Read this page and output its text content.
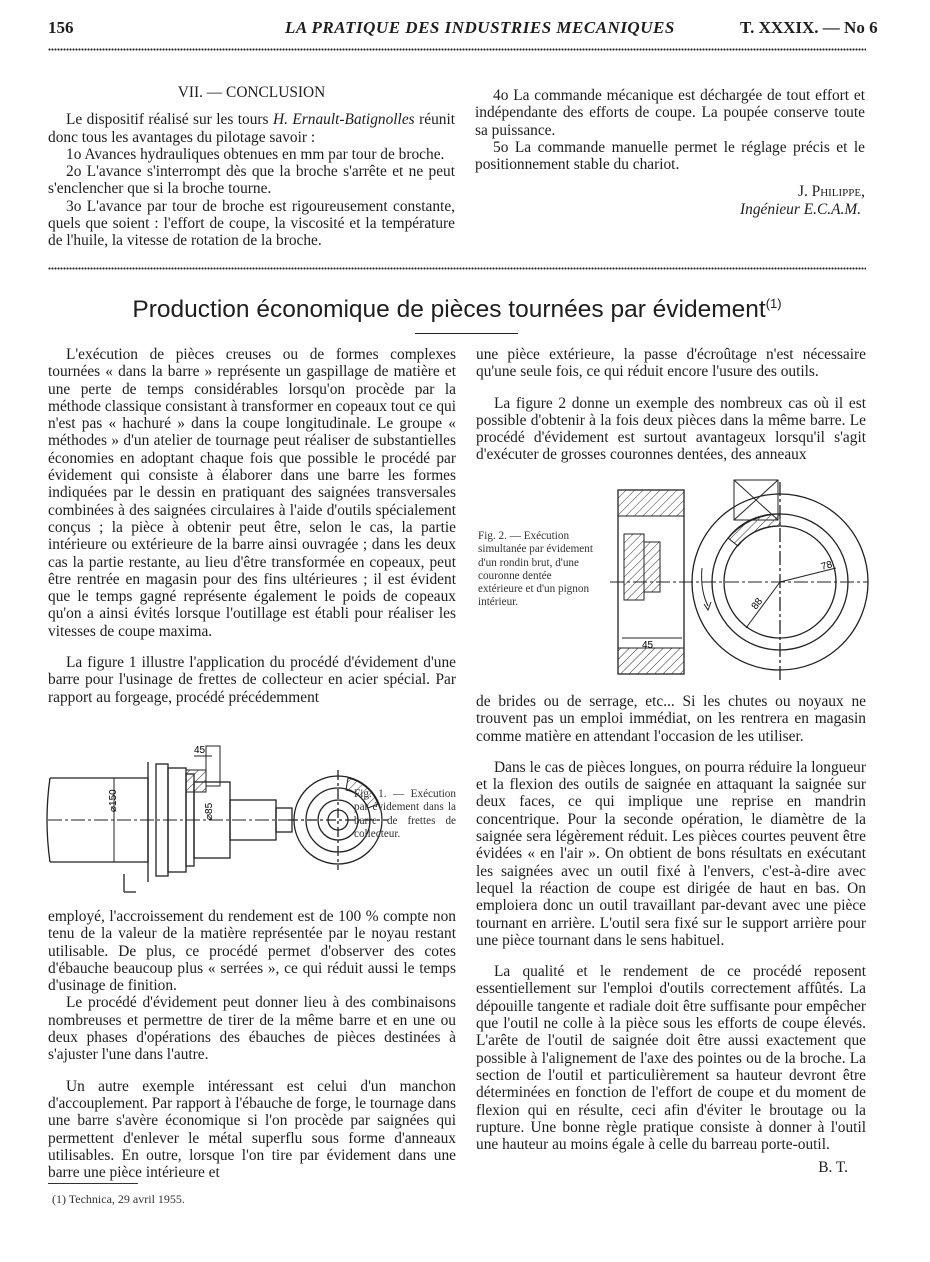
156	LA PRATIQUE DES INDUSTRIES MECANIQUES	T. XXXIX. — No 6

VII. — CONCLUSION

Le dispositif réalisé sur les tours H. Ernault-Batignolles réunit donc tous les avantages du pilotage savoir :

1o Avances hydrauliques obtenues en mm par tour de broche.

2o L'avance s'interrompt dès que la broche s'arrête et ne peut s'enclencher que si la broche tourne.

3o L'avance par tour de broche est rigoureusement constante, quels que soient : l'effort de coupe, la viscosité et la température de l'huile, la vitesse de rotation de la broche.

4o La commande mécanique est déchargée de tout effort et indépendante des efforts de coupe. La poupée conserve toute sa puissance.

5o La commande manuelle permet le réglage précis et le positionnement stable du chariot.

J. Philippe,

Ingénieur E.C.A.M.

Production économique de pièces tournées par évidement$^{(1)}$

L'exécution de pièces creuses ou de formes complexes tournées « dans la barre » représente un gaspillage de matière et une perte de temps considérables lorsqu'on procède par la méthode classique consistant à transformer en copeaux tout ce qui n'est pas « hachuré » dans la coupe longitudinale. Le groupe « méthodes » d'un atelier de tournage peut réaliser de substantielles économies en adoptant chaque fois que possible le procédé par évidement qui consiste à élaborer dans une barre les formes indiquées par le dessin en pratiquant des saignées transversales combinées à des saignées circulaires à l'aide d'outils spécialement conçus ; la pièce à obtenir peut être, selon le cas, la partie intérieure ou extérieure de la barre ainsi ouvragée ; dans les deux cas la partie restante, au lieu d'être transformée en copeaux, peut être rentrée en magasin pour des fins ultérieures ; il est évident que le temps gagné représente également le poids de copeaux qu'on a ainsi évités lorsque l'outillage est établi pour réaliser les vitesses de coupe maxima.

La figure 1 illustre l'application du procédé d'évidement d'une barre pour l'usinage de frettes de collecteur en acier spécial. Par rapport au forgeage, procédé précédemment

⌀150
45
⌀85
Fig. 1. — Exécution par évidement dans la barre de frettes de collecteur.

employé, l'accroissement du rendement est de 100 % compte non tenu de la valeur de la matière représentée par le noyau restant utilisable. De plus, ce procédé permet d'observer des cotes d'ébauche beaucoup plus « serrées », ce qui réduit aussi le temps d'usinage de finition.

Le procédé d'évidement peut donner lieu à des combinaisons nombreuses et permettre de tirer de la même barre et en une ou deux phases d'opérations des ébauches de pièces destinées à s'ajuster l'une dans l'autre.

Un autre exemple intéressant est celui d'un manchon d'accouplement. Par rapport à l'ébauche de forge, le tournage dans une barre s'avère économique si l'on procède par saignées qui permettent d'enlever le métal superflu sous forme d'anneaux utilisables. En outre, lorsque l'on tire par évidement dans une barre une pièce intérieure et

(1) Technica, 29 avril 1955.

une pièce extérieure, la passe d'écroûtage n'est nécessaire qu'une seule fois, ce qui réduit encore l'usure des outils.

La figure 2 donne un exemple des nombreux cas où il est possible d'obtenir à la fois deux pièces dans la même barre. Le procédé d'évidement est surtout avantageux lorsqu'il s'agit d'exécuter de grosses couronnes dentées, des anneaux

Fig. 2. — Exécution simultanée par évidement d'un rondin brut, d'une couronne dentée extérieure et d'un pignon intérieur.
45
78
88

de brides ou de serrage, etc... Si les chutes ou noyaux ne trouvent pas un emploi immédiat, on les rentrera en magasin comme matière en attendant l'occasion de les utiliser.

Dans le cas de pièces longues, on pourra réduire la longueur et la flexion des outils de saignée en attaquant la saignée sur deux faces, ce qui implique une reprise en mandrin concentrique. Pour la seconde opération, le diamètre de la saignée sera légèrement réduit. Les pièces courtes peuvent être évidées « en l'air ». On obtient de bons résultats en exécutant les saignées avec un outil fixé à l'envers, c'est-à-dire avec lequel la réaction de coupe est dirigée de haut en bas. On emploiera donc un outil travaillant par-devant avec une pièce tournant en arrière. L'outil sera fixé sur le support arrière pour une pièce tournant dans le sens habituel.

La qualité et le rendement de ce procédé reposent essentiellement sur l'emploi d'outils correctement affûtés. La dépouille tangente et radiale doit être suffisante pour empêcher que l'outil ne colle à la pièce sous les efforts de coupe élevés. L'arête de l'outil de saignée doit être aussi exactement que possible à l'alignement de l'axe des pointes ou de la broche. La section de l'outil et particulièrement sa hauteur devront être déterminées en fonction de l'effort de coupe et du moment de flexion qui en résulte, ceci afin d'éviter le broutage ou la rupture. Une bonne règle pratique consiste à donner à l'outil une hauteur au moins égale à celle du barreau porte-outil.

B. T.
